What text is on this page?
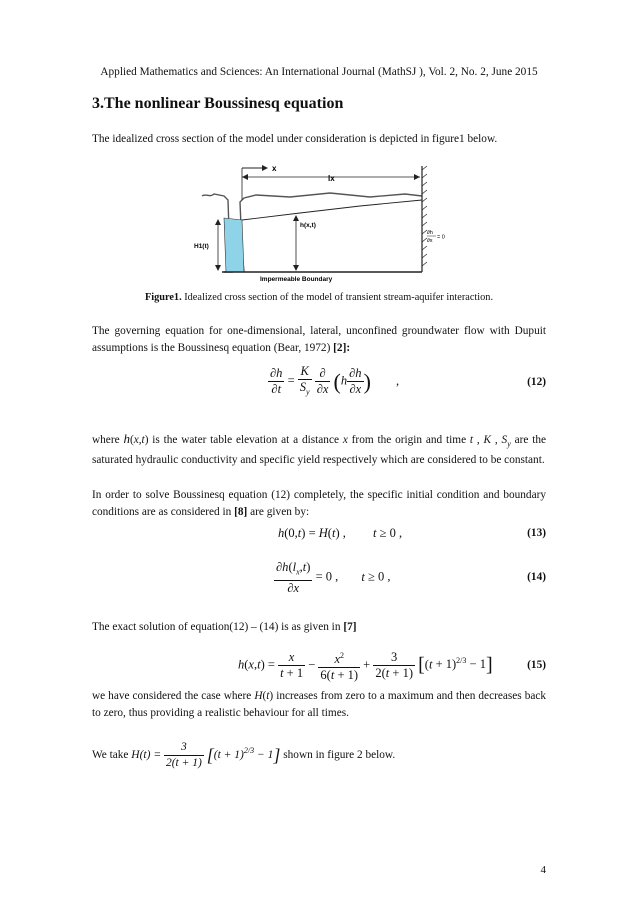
Applied Mathematics and Sciences: An International Journal (MathSJ ), Vol. 2, No. 2, June 2015
3.The nonlinear Boussinesq equation
The idealized cross section of the model under consideration is depicted in figure1 below.
x
lx
h(x,t)
H1(t)
Impermeable Boundary
∂h
∂x
= 0
Figure1. Idealized cross section of the model of transient stream-aquifer interaction.
The governing equation for one-dimensional, lateral, unconfined groundwater flow with Dupuit assumptions is the Boussinesq equation (Bear, 1972) [2]:
$\frac{\partial h}{\partial t} = \frac{K}{S_y}$
$\frac{\partial}{\partial x} (h \frac{\partial h}{\partial x}$ ) ,	(12)
where h(x,t) is the water table elevation at a distance x from the origin and time t , K , $S_y$ are the saturated hydraulic conductivity and specific yield respectively which are considered to be constant.
In order to solve Boussinesq equation (12) completely, the specific initial condition and boundary conditions are as considered in [8] are given by:
h(0,t) = H(t) , t ≥ 0 ,	(13)
$\frac{\partial h(l_x,t)}{\partial x} = 0$ , t ≥ 0 ,	(14)
The exact solution of equation(12) – (14) is as given in [7]
$h(x,t) = \frac{x}{t + 1} - \frac{x^2}{6(t + 1)} + \frac{3}{2(t + 1)} [(t + 1)^{2/3} - 1]$	(15)
we have considered the case where H(t) increases from zero to a maximum and then decreases back to zero, thus providing a realistic behaviour for all times.
We take $H(t) = \frac{3}{2(t + 1)} [(t + 1)^{2/3} - 1]$ shown in figure 2 below.
4
